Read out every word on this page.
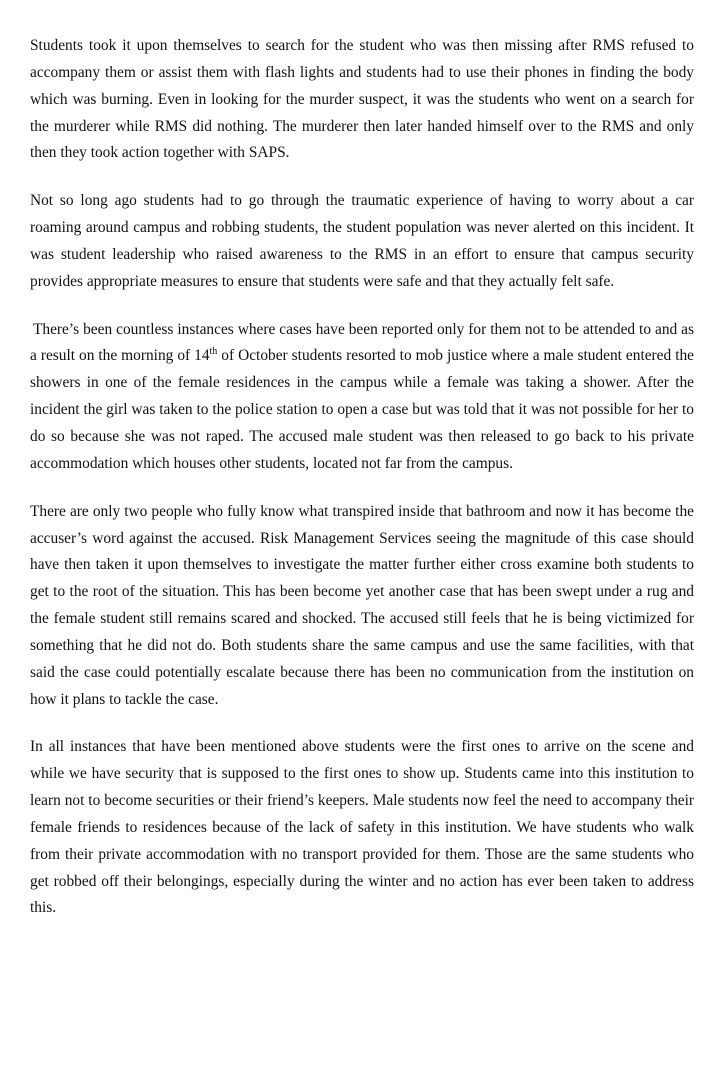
Students took it upon themselves to search for the student who was then missing after RMS refused to accompany them or assist them with flash lights and students had to use their phones in finding the body which was burning. Even in looking for the murder suspect, it was the students who went on a search for the murderer while RMS did nothing. The murderer then later handed himself over to the RMS and only then they took action together with SAPS.

Not so long ago students had to go through the traumatic experience of having to worry about a car roaming around campus and robbing students, the student population was never alerted on this incident. It was student leadership who raised awareness to the RMS in an effort to ensure that campus security provides appropriate measures to ensure that students were safe and that they actually felt safe.

There’s been countless instances where cases have been reported only for them not to be attended to and as a result on the morning of 14th of October students resorted to mob justice where a male student entered the showers in one of the female residences in the campus while a female was taking a shower. After the incident the girl was taken to the police station to open a case but was told that it was not possible for her to do so because she was not raped. The accused male student was then released to go back to his private accommodation which houses other students, located not far from the campus.

There are only two people who fully know what transpired inside that bathroom and now it has become the accuser’s word against the accused. Risk Management Services seeing the magnitude of this case should have then taken it upon themselves to investigate the matter further either cross examine both students to get to the root of the situation. This has been become yet another case that has been swept under a rug and the female student still remains scared and shocked. The accused still feels that he is being victimized for something that he did not do. Both students share the same campus and use the same facilities, with that said the case could potentially escalate because there has been no communication from the institution on how it plans to tackle the case.

In all instances that have been mentioned above students were the first ones to arrive on the scene and while we have security that is supposed to the first ones to show up. Students came into this institution to learn not to become securities or their friend’s keepers. Male students now feel the need to accompany their female friends to residences because of the lack of safety in this institution. We have students who walk from their private accommodation with no transport provided for them. Those are the same students who get robbed off their belongings, especially during the winter and no action has ever been taken to address this.
